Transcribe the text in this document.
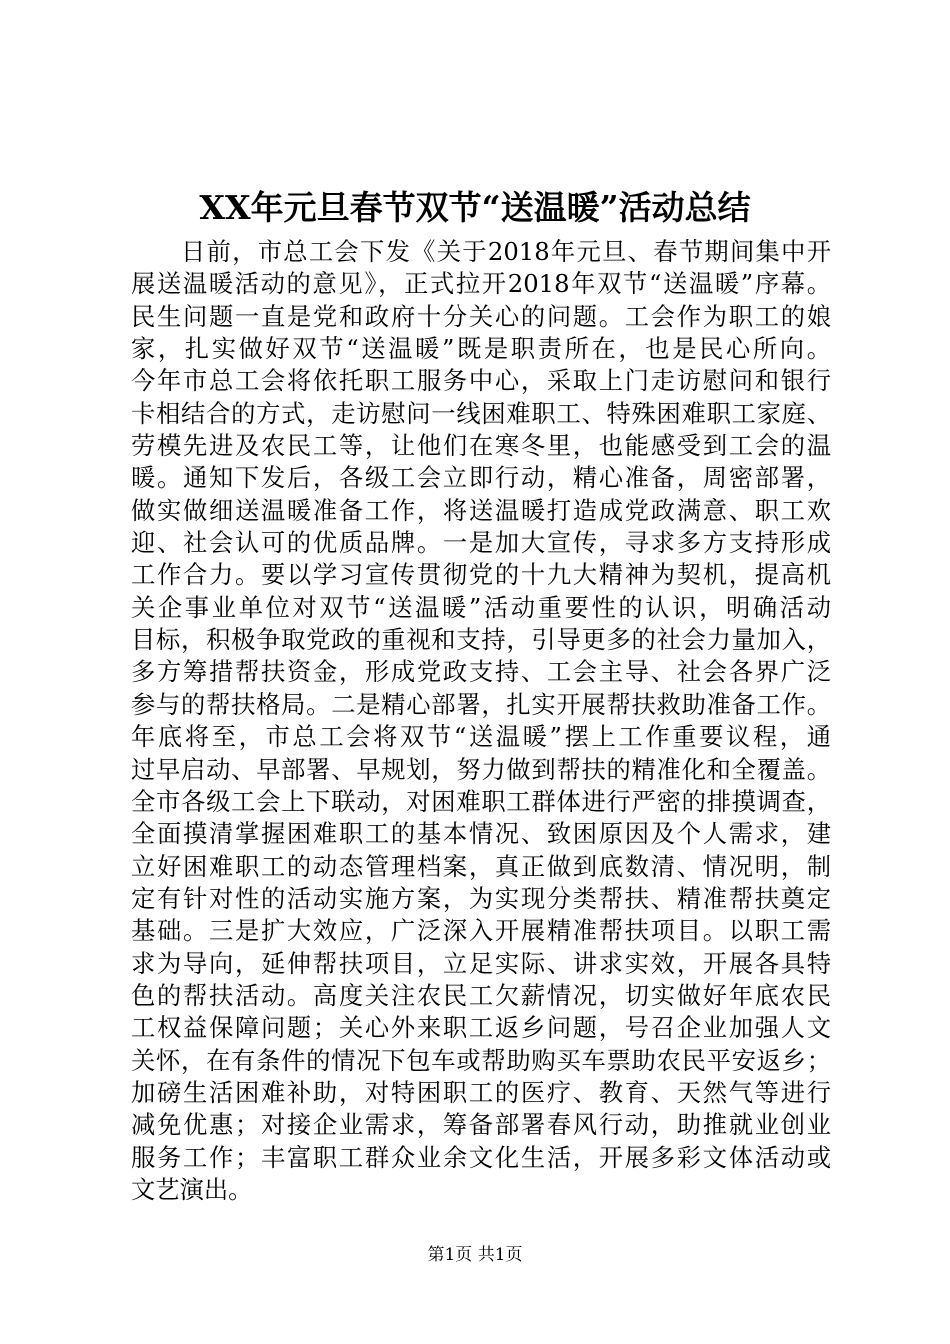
XX年元旦春节双节“送温暖”活动总结
日前，市总工会下发《关于2018年元旦、春节期间集中开
展送温暖活动的意见》，正式拉开2018年双节“送温暖”序幕。
民生问题一直是党和政府十分关心的问题。工会作为职工的娘
家，扎实做好双节“送温暖”既是职责所在，也是民心所向。
今年市总工会将依托职工服务中心，采取上门走访慰问和银行
卡相结合的方式，走访慰问一线困难职工、特殊困难职工家庭、
劳模先进及农民工等，让他们在寒冬里，也能感受到工会的温
暖。通知下发后，各级工会立即行动，精心准备，周密部署，
做实做细送温暖准备工作，将送温暖打造成党政满意、职工欢
迎、社会认可的优质品牌。一是加大宣传，寻求多方支持形成
工作合力。要以学习宣传贯彻党的十九大精神为契机，提高机
关企事业单位对双节“送温暖”活动重要性的认识，明确活动
目标，积极争取党政的重视和支持，引导更多的社会力量加入，
多方筹措帮扶资金，形成党政支持、工会主导、社会各界广泛
参与的帮扶格局。二是精心部署，扎实开展帮扶救助准备工作。
年底将至，市总工会将双节“送温暖”摆上工作重要议程，通
过早启动、早部署、早规划，努力做到帮扶的精准化和全覆盖。
全市各级工会上下联动，对困难职工群体进行严密的排摸调查，
全面摸清掌握困难职工的基本情况、致困原因及个人需求，建
立好困难职工的动态管理档案，真正做到底数清、情况明，制
定有针对性的活动实施方案，为实现分类帮扶、精准帮扶奠定
基础。三是扩大效应，广泛深入开展精准帮扶项目。以职工需
求为导向，延伸帮扶项目，立足实际、讲求实效，开展各具特
色的帮扶活动。高度关注农民工欠薪情况，切实做好年底农民
工权益保障问题；关心外来职工返乡问题，号召企业加强人文
关怀，在有条件的情况下包车或帮助购买车票助农民平安返乡；
加磅生活困难补助，对特困职工的医疗、教育、天然气等进行
减免优惠；对接企业需求，筹备部署春风行动，助推就业创业
服务工作；丰富职工群众业余文化生活，开展多彩文体活动或
文艺演出。
第1页 共1页
